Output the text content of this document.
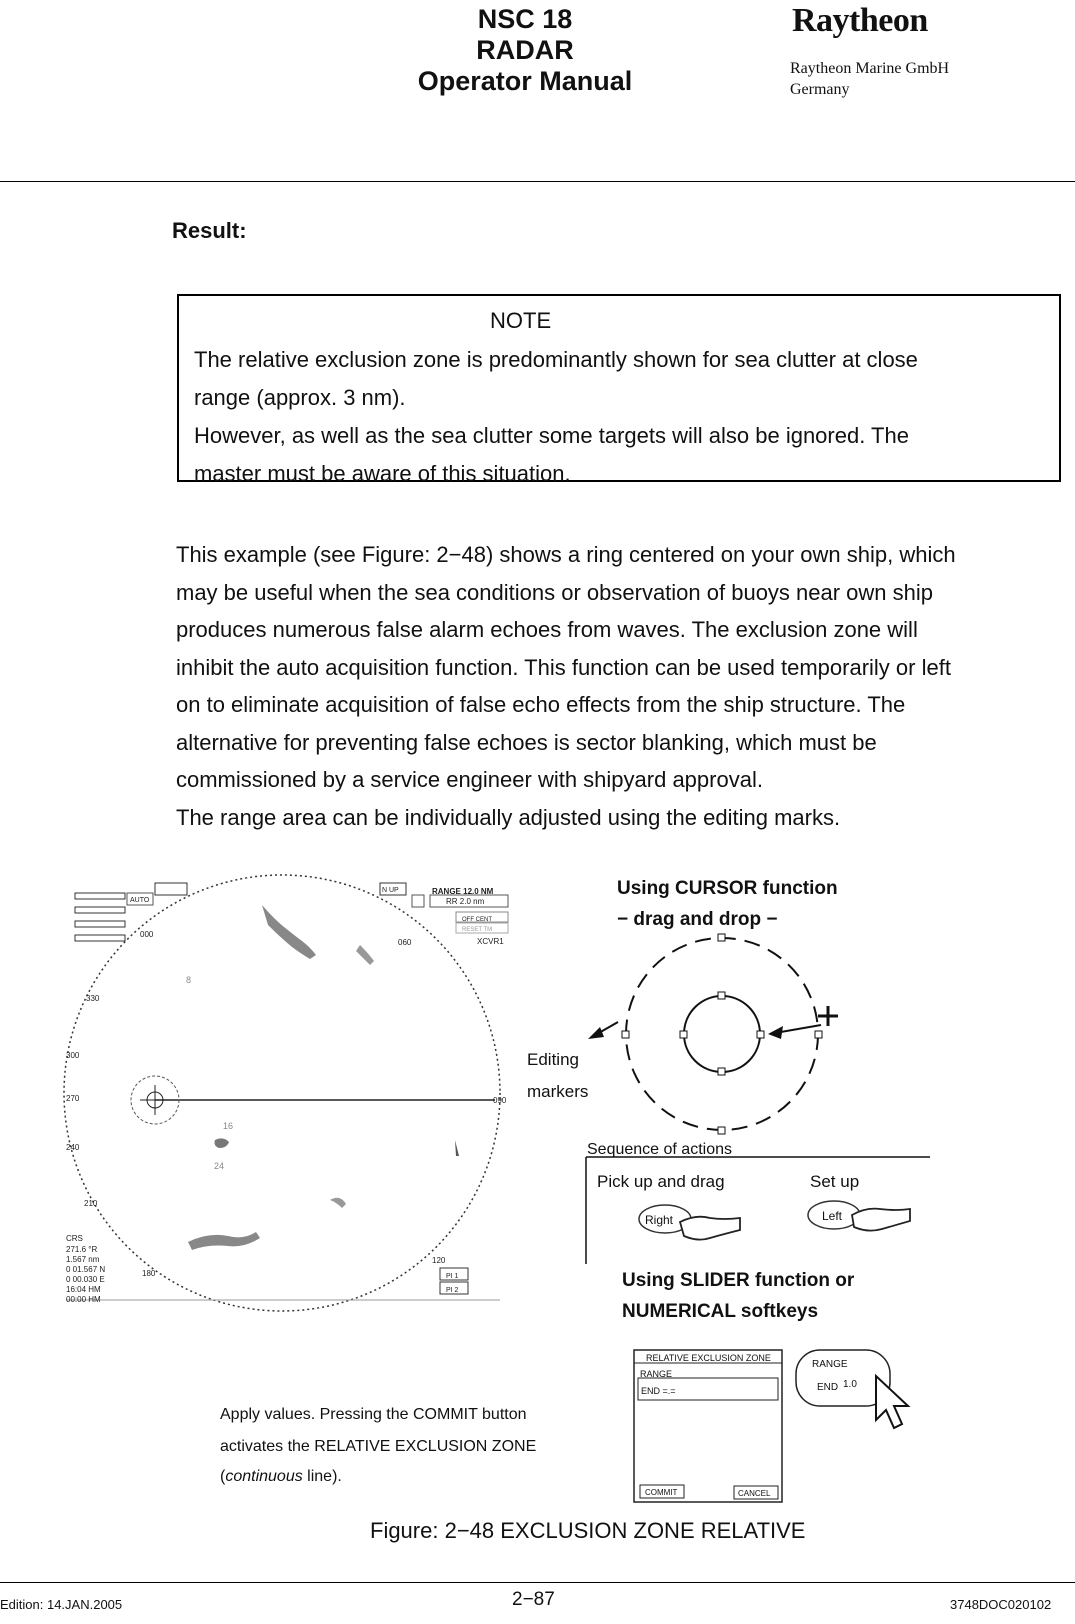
NSC 18
RADAR
Operator Manual
Raytheon
Raytheon Marine GmbH
Germany
Result:
NOTE
The relative exclusion zone is predominantly shown for sea clutter at close
range (approx. 3 nm).
However, as well as the sea clutter some targets will also be ignored. The
master must be aware of this situation.
This example (see Figure: 2−48) shows a ring centered on your own ship, which
may be useful when the sea conditions or observation of buoys near own ship
produces numerous false alarm echoes from waves. The exclusion zone will
inhibit the auto acquisition function. This function can be used temporarily or left
on to eliminate acquisition of false echo effects from the ship structure. The
alternative for preventing false echoes is sector blanking, which must be
commissioned by a service engineer with shipyard approval.
The range area can be individually adjusted using the editing marks.
Using CURSOR function
− drag and drop −
Editing
markers
Sequence of actions
Pick up and drag	Set up
Right	Left
Using SLIDER function or
NUMERICAL softkeys
Apply values. Pressing the COMMIT button
activates the RELATIVE EXCLUSION ZONE
(continuous line).
RELATIVE EXCLUSION ZONE
RANGE
END =.=
COMMIT	CANCEL
RANGE
END 1.0
RANGE 12.0 NM
RR 2.0 nm
OFF CENT
RESET TM
XCVR1
AUTO
N UP
000
060
330
300
270
240
210
180
120
090
CRS
271.6 °R
1.567 nm
0 01.567 N
0 00.030 E
16:04 HM
00:00 HM
PI 1
PI 2
16
24
8
Figure: 2−48 EXCLUSION ZONE RELATIVE
Edition: 14.JAN.2005	2−87	3748DOC020102
